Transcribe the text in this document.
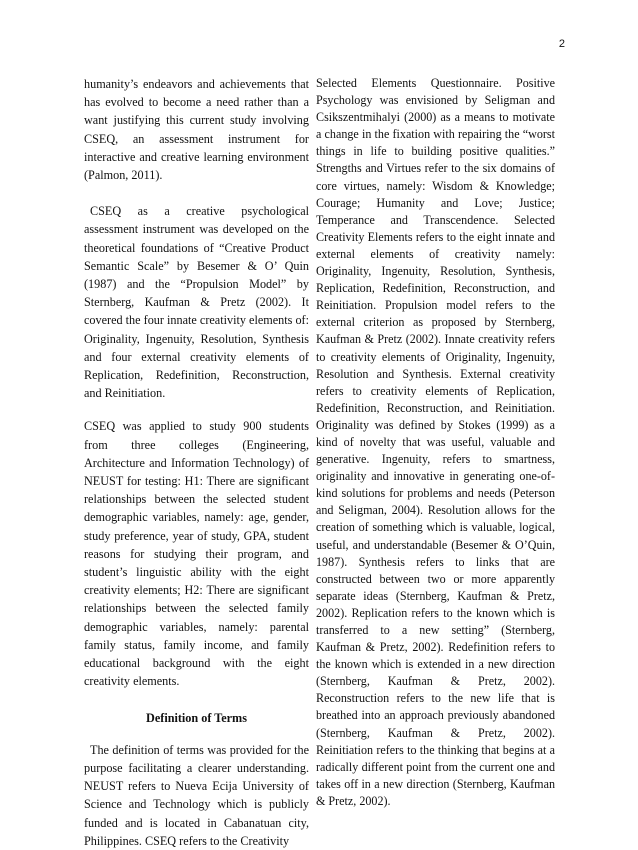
2

humanity’s endeavors and achievements that has evolved to become a need rather than a want justifying this current study involving CSEQ, an assessment instrument for interactive and creative learning environment (Palmon, 2011).

CSEQ as a creative psychological assessment instrument was developed on the theoretical foundations of “Creative Product Semantic Scale” by Besemer & O’ Quin (1987) and the “Propulsion Model” by Sternberg, Kaufman & Pretz (2002). It covered the four innate creativity elements of: Originality, Ingenuity, Resolution, Synthesis and four external creativity elements of Replication, Redefinition, Reconstruction, and Reinitiation.

CSEQ was applied to study 900 students from three colleges (Engineering, Architecture and Information Technology) of NEUST for testing: H1: There are significant relationships between the selected student demographic variables, namely: age, gender, study preference, year of study, GPA, student reasons for studying their program, and student’s linguistic ability with the eight creativity elements; H2: There are significant relationships between the selected family demographic variables, namely: parental family status, family income, and family educational background with the eight creativity elements.

Definition of Terms

The definition of terms was provided for the purpose facilitating a clearer understanding. NEUST refers to Nueva Ecija University of Science and Technology which is publicly funded and is located in Cabanatuan city, Philippines. CSEQ refers to the Creativity

Selected Elements Questionnaire. Positive Psychology was envisioned by Seligman and Csikszentmihalyi (2000) as a means to motivate a change in the fixation with repairing the “worst things in life to building positive qualities.” Strengths and Virtues refer to the six domains of core virtues, namely: Wisdom & Knowledge; Courage; Humanity and Love; Justice; Temperance and Transcendence. Selected Creativity Elements refers to the eight innate and external elements of creativity namely: Originality, Ingenuity, Resolution, Synthesis, Replication, Redefinition, Reconstruction, and Reinitiation. Propulsion model refers to the external criterion as proposed by Sternberg, Kaufman & Pretz (2002). Innate creativity refers to creativity elements of Originality, Ingenuity, Resolution and Synthesis. External creativity refers to creativity elements of Replication, Redefinition, Reconstruction, and Reinitiation. Originality was defined by Stokes (1999) as a kind of novelty that was useful, valuable and generative. Ingenuity, refers to smartness, originality and innovative in generating one-of-kind solutions for problems and needs (Peterson and Seligman, 2004). Resolution allows for the creation of something which is valuable, logical, useful, and understandable (Besemer & O’Quin, 1987). Synthesis refers to links that are constructed between two or more apparently separate ideas (Sternberg, Kaufman & Pretz, 2002). Replication refers to the known which is transferred to a new setting” (Sternberg, Kaufman & Pretz, 2002). Redefinition refers to the known which is extended in a new direction (Sternberg, Kaufman & Pretz, 2002). Reconstruction refers to the new life that is breathed into an approach previously abandoned (Sternberg, Kaufman & Pretz, 2002). Reinitiation refers to the thinking that begins at a radically different point from the current one and takes off in a new direction (Sternberg, Kaufman & Pretz, 2002).
